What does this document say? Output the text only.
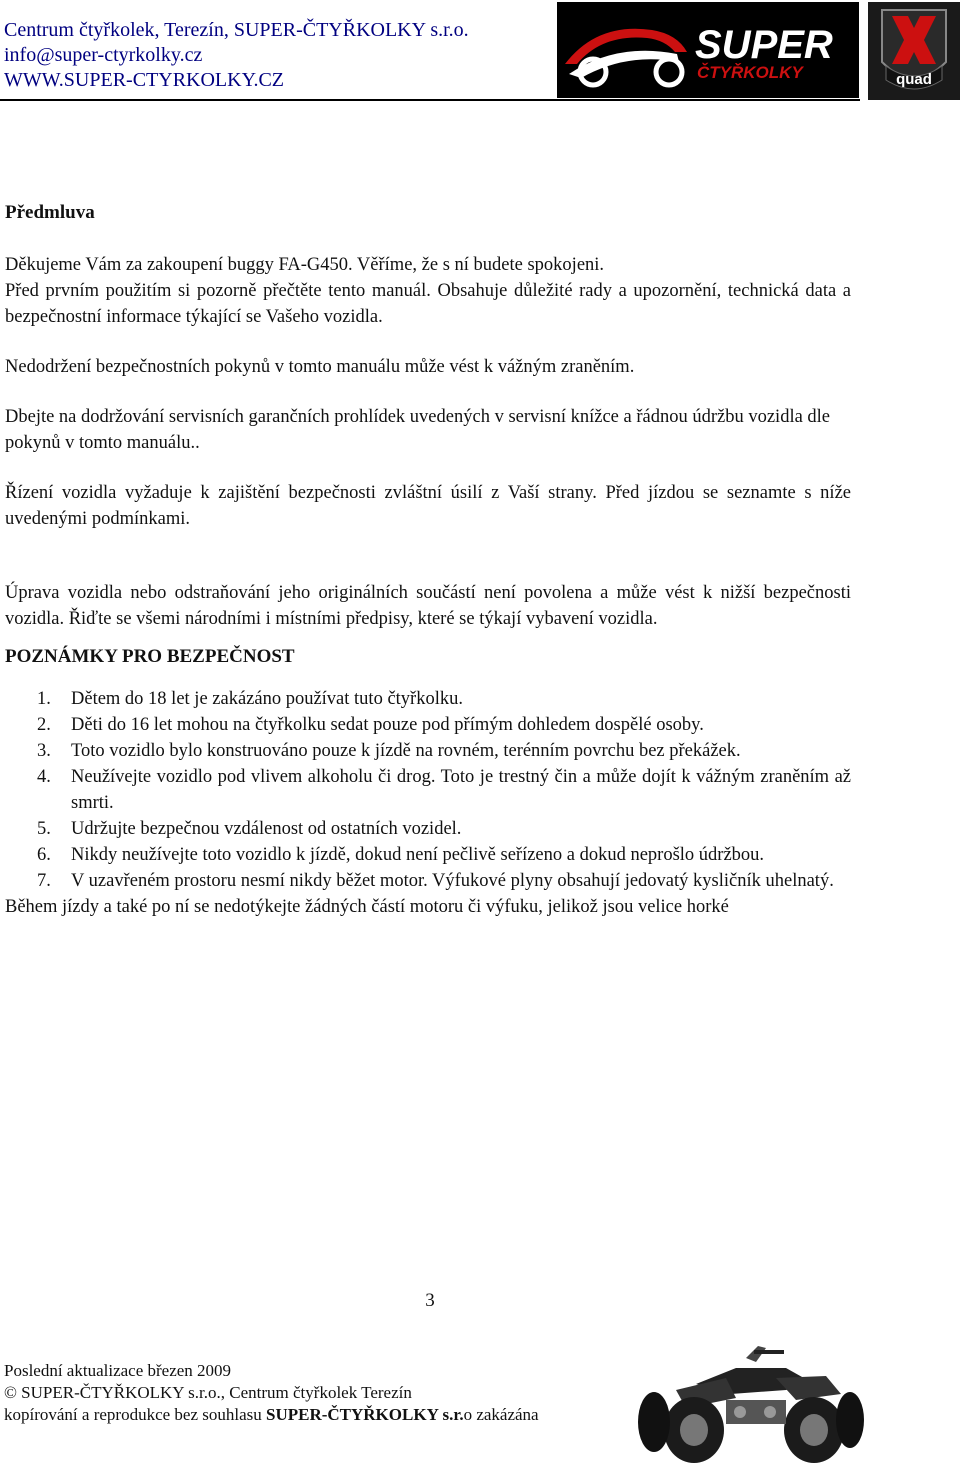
Centrum čtyřkolek, Terezín, SUPER-ČTYŘKOLKY s.r.o.
info@super-ctyrkolky.cz
WWW.SUPER-CTYRKOLKY.CZ
SUPER
ČTYŘKOLKY	quad

Předmluva

Děkujeme Vám za zakoupení buggy FA-G450. Věříme, že s ní budete spokojeni.

Před prvním použitím si pozorně přečtěte tento manuál. Obsahuje důležité rady a upozornění, technická data a bezpečnostní informace týkající se Vašeho vozidla.

Nedodržení bezpečnostních pokynů v tomto manuálu může vést k vážným zraněním.

Dbejte na dodržování servisních garančních prohlídek uvedených v servisní knížce a řádnou údržbu vozidla dle pokynů v tomto manuálu..

Řízení vozidla vyžaduje k zajištění bezpečnosti zvláštní úsilí z Vaší strany. Před jízdou se seznamte s níže uvedenými podmínkami.

Úprava vozidla nebo odstraňování jeho originálních součástí není povolena a může vést k nižší bezpečnosti vozidla. Řiďte se všemi národními i místními předpisy, které se týkají vybavení vozidla.

POZNÁMKY PRO BEZPEČNOST

1. Dětem do 18 let je zakázáno používat tuto čtyřkolku.
2. Děti do 16 let mohou na čtyřkolku sedat pouze pod přímým dohledem dospělé osoby.
3. Toto vozidlo bylo konstruováno pouze k jízdě na rovném, terénním povrchu bez překážek.
4. Neužívejte vozidlo pod vlivem alkoholu či drog. Toto je trestný čin a může dojít k vážným zraněním až smrti.
5. Udržujte bezpečnou vzdálenost od ostatních vozidel.
6. Nikdy neužívejte toto vozidlo k jízdě, dokud není pečlivě seřízeno a dokud neprošlo údržbou.
7. V uzavřeném prostoru nesmí nikdy běžet motor. Výfukové plyny obsahují jedovatý kysličník uhelnatý.

Během jízdy a také po ní se nedotýkejte žádných částí motoru či výfuku, jelikož jsou velice horké

3
Poslední aktualizace březen 2009
© SUPER-ČTYŘKOLKY s.r.o., Centrum čtyřkolek Terezín
kopírování a reprodukce bez souhlasu SUPER-ČTYŘKOLKY s.r.o zakázána
